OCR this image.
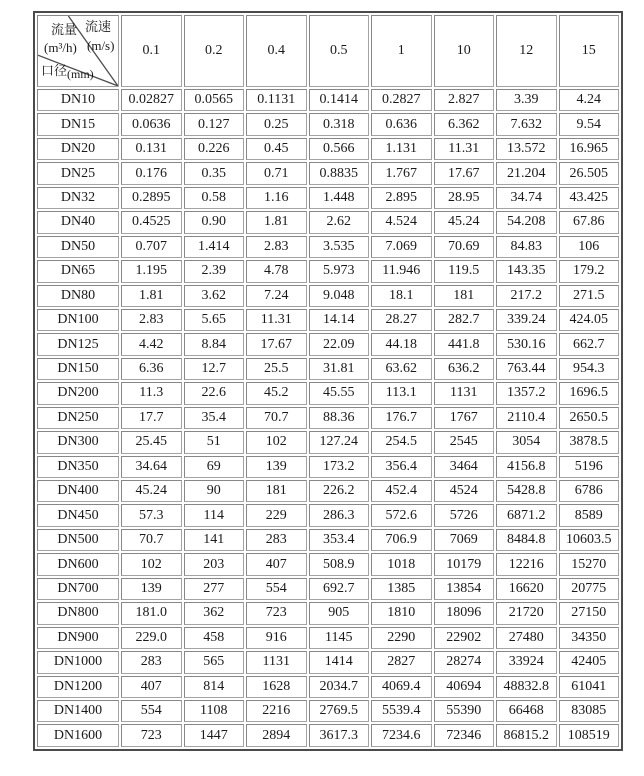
流量
(m³/h)
流速
(m/s)
口径(mm)	0.1	0.2	0.4	0.5	1	10	12	15
DN10	0.02827	0.0565	0.1131	0.1414	0.2827	2.827	3.39	4.24
DN15	0.0636	0.127	0.25	0.318	0.636	6.362	7.632	9.54
DN20	0.131	0.226	0.45	0.566	1.131	11.31	13.572	16.965
DN25	0.176	0.35	0.71	0.8835	1.767	17.67	21.204	26.505
DN32	0.2895	0.58	1.16	1.448	2.895	28.95	34.74	43.425
DN40	0.4525	0.90	1.81	2.62	4.524	45.24	54.208	67.86
DN50	0.707	1.414	2.83	3.535	7.069	70.69	84.83	106
DN65	1.195	2.39	4.78	5.973	11.946	119.5	143.35	179.2
DN80	1.81	3.62	7.24	9.048	18.1	181	217.2	271.5
DN100	2.83	5.65	11.31	14.14	28.27	282.7	339.24	424.05
DN125	4.42	8.84	17.67	22.09	44.18	441.8	530.16	662.7
DN150	6.36	12.7	25.5	31.81	63.62	636.2	763.44	954.3
DN200	11.3	22.6	45.2	45.55	113.1	1131	1357.2	1696.5
DN250	17.7	35.4	70.7	88.36	176.7	1767	2110.4	2650.5
DN300	25.45	51	102	127.24	254.5	2545	3054	3878.5
DN350	34.64	69	139	173.2	356.4	3464	4156.8	5196
DN400	45.24	90	181	226.2	452.4	4524	5428.8	6786
DN450	57.3	114	229	286.3	572.6	5726	6871.2	8589
DN500	70.7	141	283	353.4	706.9	7069	8484.8	10603.5
DN600	102	203	407	508.9	1018	10179	12216	15270
DN700	139	277	554	692.7	1385	13854	16620	20775
DN800	181.0	362	723	905	1810	18096	21720	27150
DN900	229.0	458	916	1145	2290	22902	27480	34350
DN1000	283	565	1131	1414	2827	28274	33924	42405
DN1200	407	814	1628	2034.7	4069.4	40694	48832.8	61041
DN1400	554	1108	2216	2769.5	5539.4	55390	66468	83085
DN1600	723	1447	2894	3617.3	7234.6	72346	86815.2	108519
